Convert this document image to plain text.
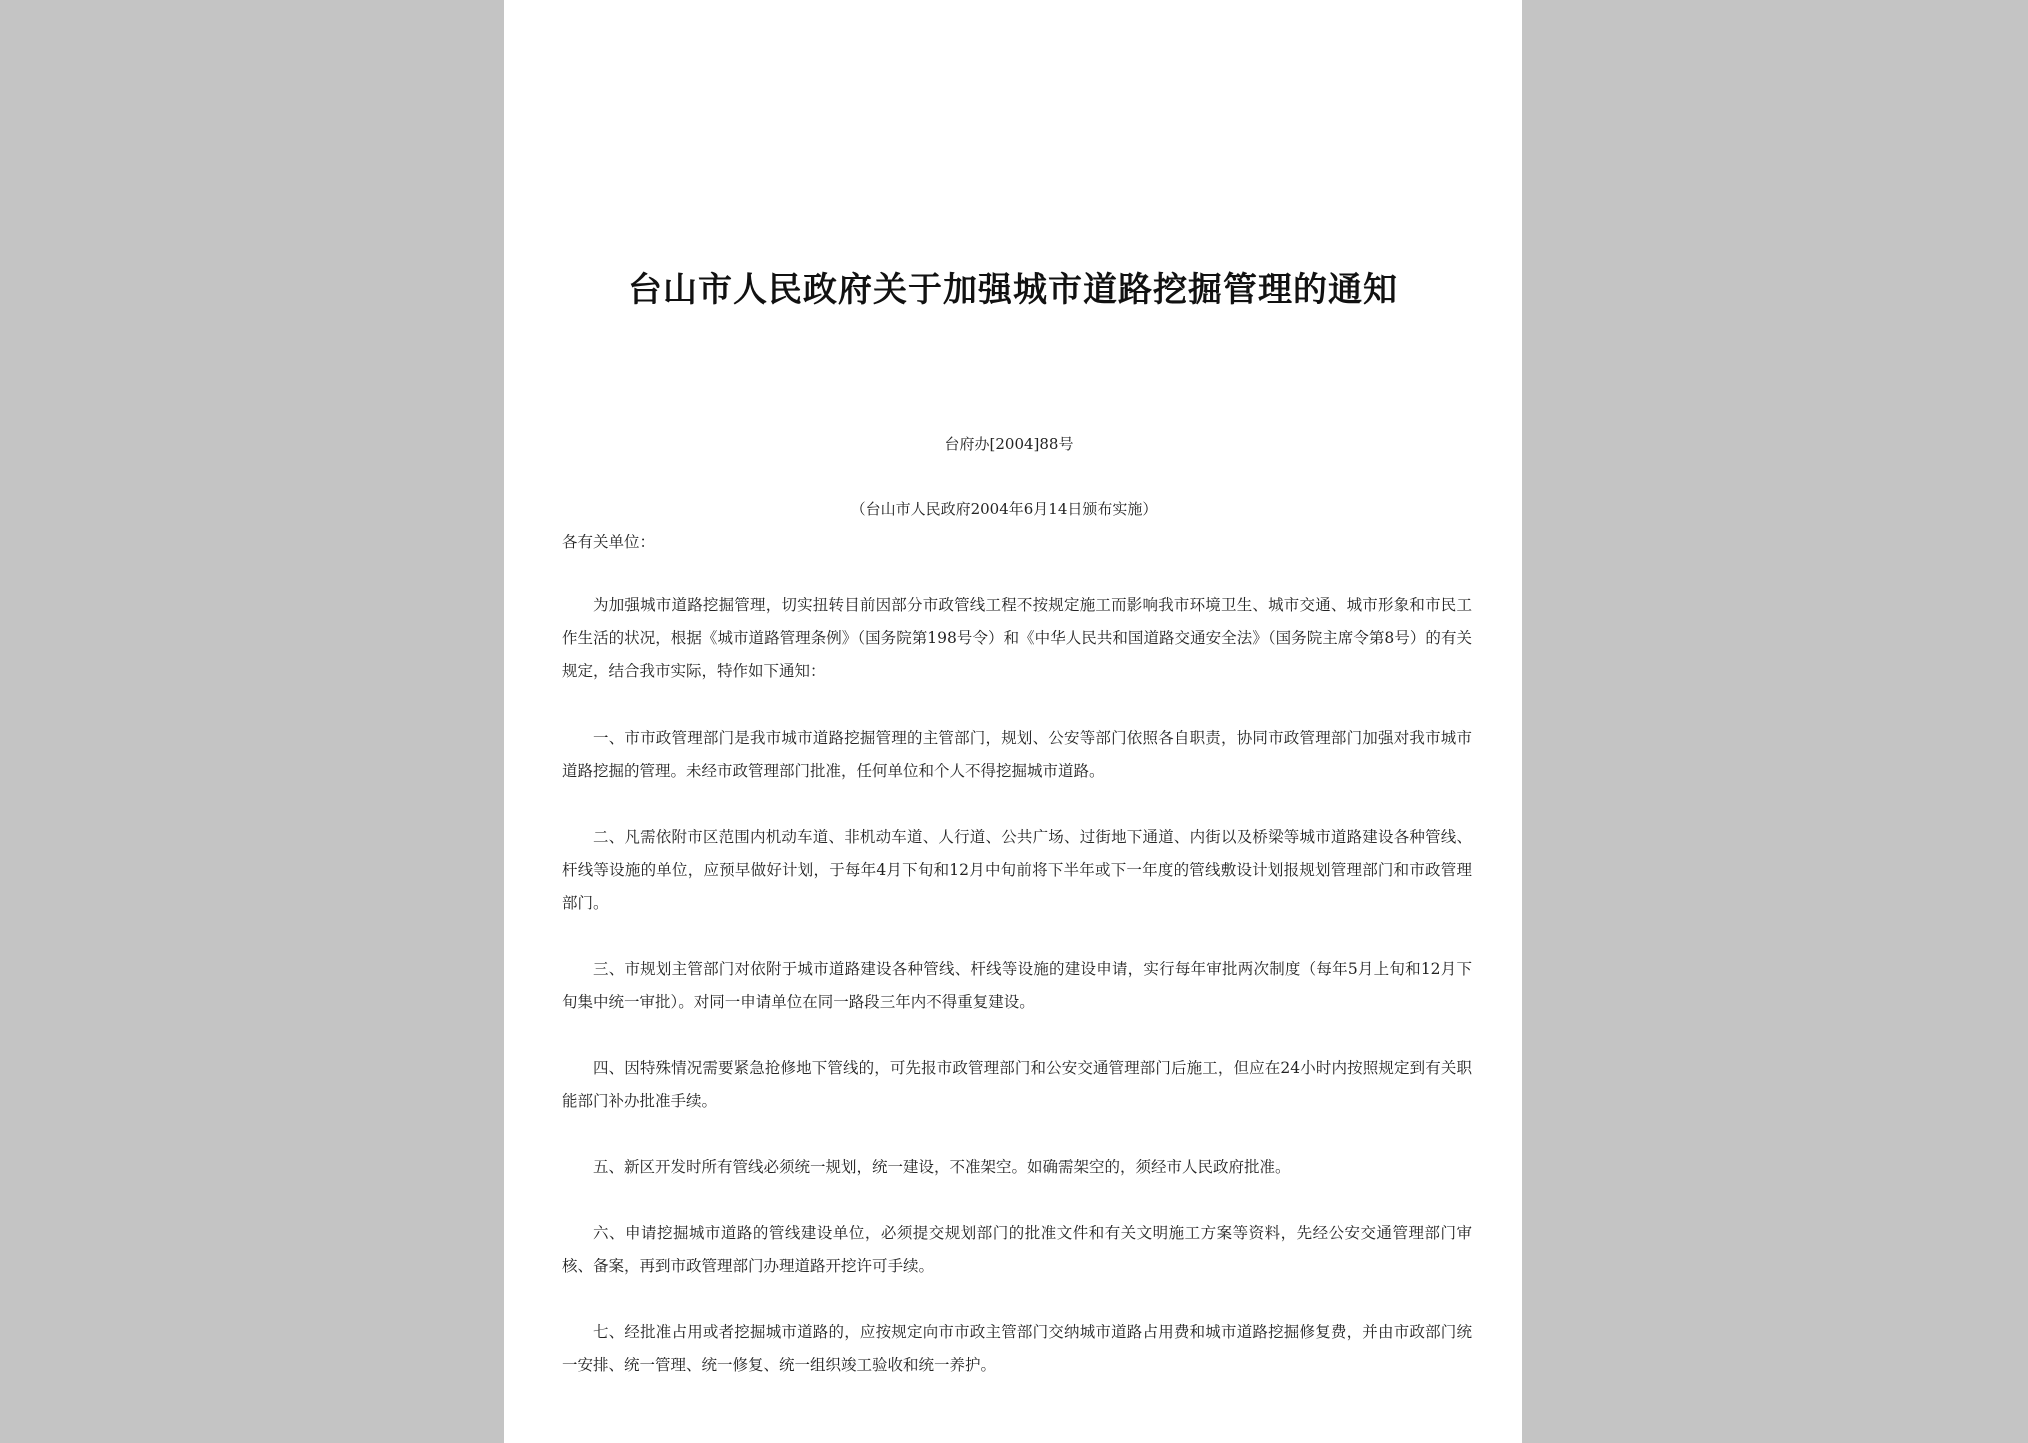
台山市人民政府关于加强城市道路挖掘管理的通知
台府办[2004]88号
（台山市人民政府2004年6月14日颁布实施）
各有关单位：

为加强城市道路挖掘管理，切实扭转目前因部分市政管线工程不按规定施工而影响我市环境卫生、城市交通、城市形象和市民工作生活的状况，根据《城市道路管理条例》（国务院第198号令）和《中华人民共和国道路交通安全法》（国务院主席令第8号）的有关规定，结合我市实际，特作如下通知：

一、市市政管理部门是我市城市道路挖掘管理的主管部门，规划、公安等部门依照各自职责，协同市政管理部门加强对我市城市道路挖掘的管理。未经市政管理部门批准，任何单位和个人不得挖掘城市道路。

二、凡需依附市区范围内机动车道、非机动车道、人行道、公共广场、过街地下通道、内街以及桥梁等城市道路建设各种管线、杆线等设施的单位，应预早做好计划，于每年4月下旬和12月中旬前将下半年或下一年度的管线敷设计划报规划管理部门和市政管理部门。

三、市规划主管部门对依附于城市道路建设各种管线、杆线等设施的建设申请，实行每年审批两次制度（每年5月上旬和12月下旬集中统一审批）。对同一申请单位在同一路段三年内不得重复建设。

四、因特殊情况需要紧急抢修地下管线的，可先报市政管理部门和公安交通管理部门后施工，但应在24小时内按照规定到有关职能部门补办批准手续。

五、新区开发时所有管线必须统一规划，统一建设，不准架空。如确需架空的，须经市人民政府批准。

六、申请挖掘城市道路的管线建设单位，必须提交规划部门的批准文件和有关文明施工方案等资料，先经公安交通管理部门审核、备案，再到市政管理部门办理道路开挖许可手续。

七、经批准占用或者挖掘城市道路的，应按规定向市市政主管部门交纳城市道路占用费和城市道路挖掘修复费，并由市政部门统一安排、统一管理、统一修复、统一组织竣工验收和统一养护。
